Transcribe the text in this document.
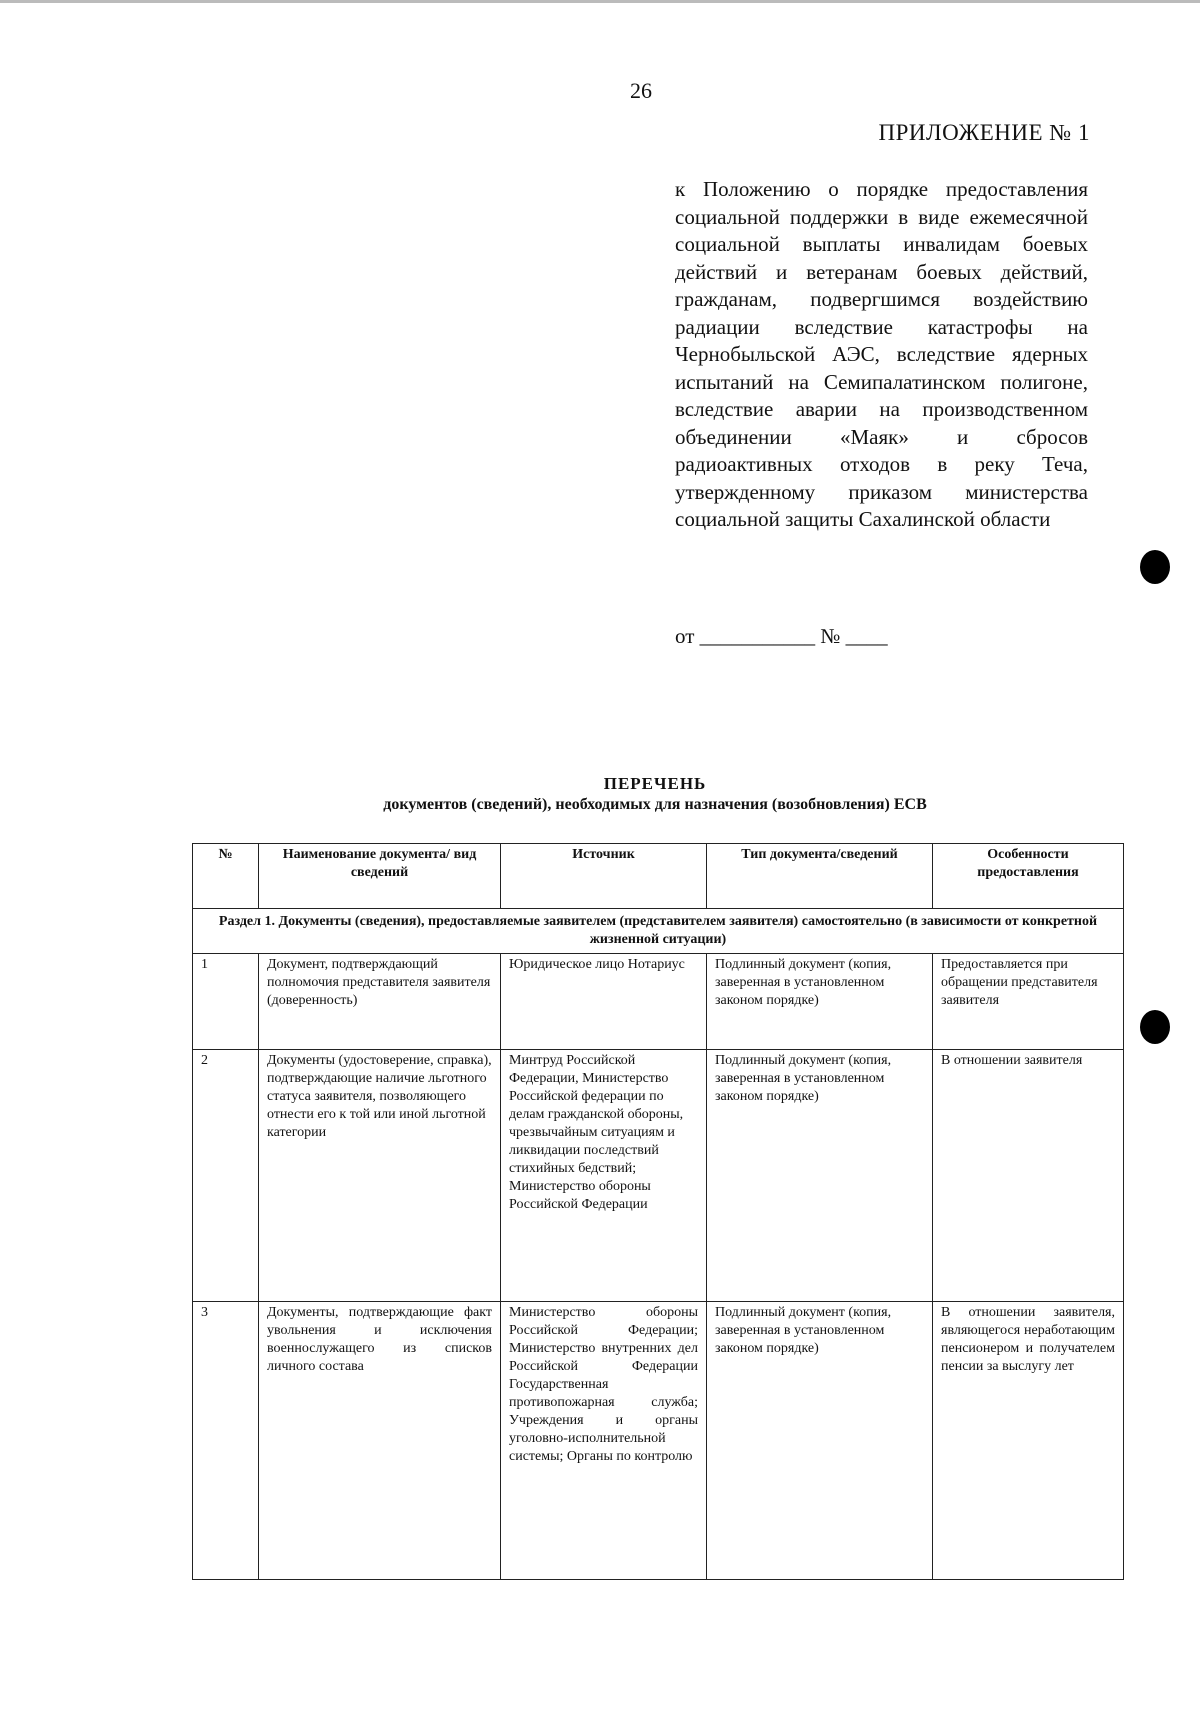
26
ПРИЛОЖЕНИЕ № 1

к Положению о порядке предоставления социальной поддержки в виде ежемесячной социальной выплаты инвалидам боевых действий и ветеранам боевых действий, гражданам, подвергшимся воздействию радиации вследствие катастрофы на Чернобыльской АЭС, вследствие ядерных испытаний на Семипалатинском полигоне, вследствие аварии на производственном объединении «Маяк» и сбросов радиоактивных отходов в реку Теча, утвержденному приказом министерства социальной защиты Сахалинской области

от ___________ № ____
ПЕРЕЧЕНЬ
документов (сведений), необходимых для назначения (возобновления) ЕСВ
№	Наименование документа/ вид сведений	Источник	Тип документа/сведений	Особенности предоставления
Раздел 1. Документы (сведения), предоставляемые заявителем (представителем заявителя) самостоятельно (в зависимости от конкретной жизненной ситуации)				
1	Документ, подтверждающий полномочия представителя заявителя (доверенность)	Юридическое лицо Нотариус	Подлинный документ (копия, заверенная в установленном законом порядке)	Предоставляется при обращении представителя заявителя
2	Документы (удостоверение, справка), подтверждающие наличие льготного статуса заявителя, позволяющего отнести его к той или иной льготной категории	Минтруд Российской Федерации, Министерство Российской федерации по делам гражданской обороны, чрезвычайным ситуациям и ликвидации последствий стихийных бедствий; Министерство обороны Российской Федерации	Подлинный документ (копия, заверенная в установленном законом порядке)	В отношении заявителя
3	Документы, подтверждающие факт увольнения и исключения военнослужащего из списков личного состава	Министерство обороны Российской Федерации; Министерство внутренних дел Российской Федерации Государственная противопожарная служба; Учреждения и органы уголовно-исполнительной системы; Органы по контролю	Подлинный документ (копия, заверенная в установленном законом порядке)	В отношении заявителя, являющегося неработающим пенсионером и получателем пенсии за выслугу лет
